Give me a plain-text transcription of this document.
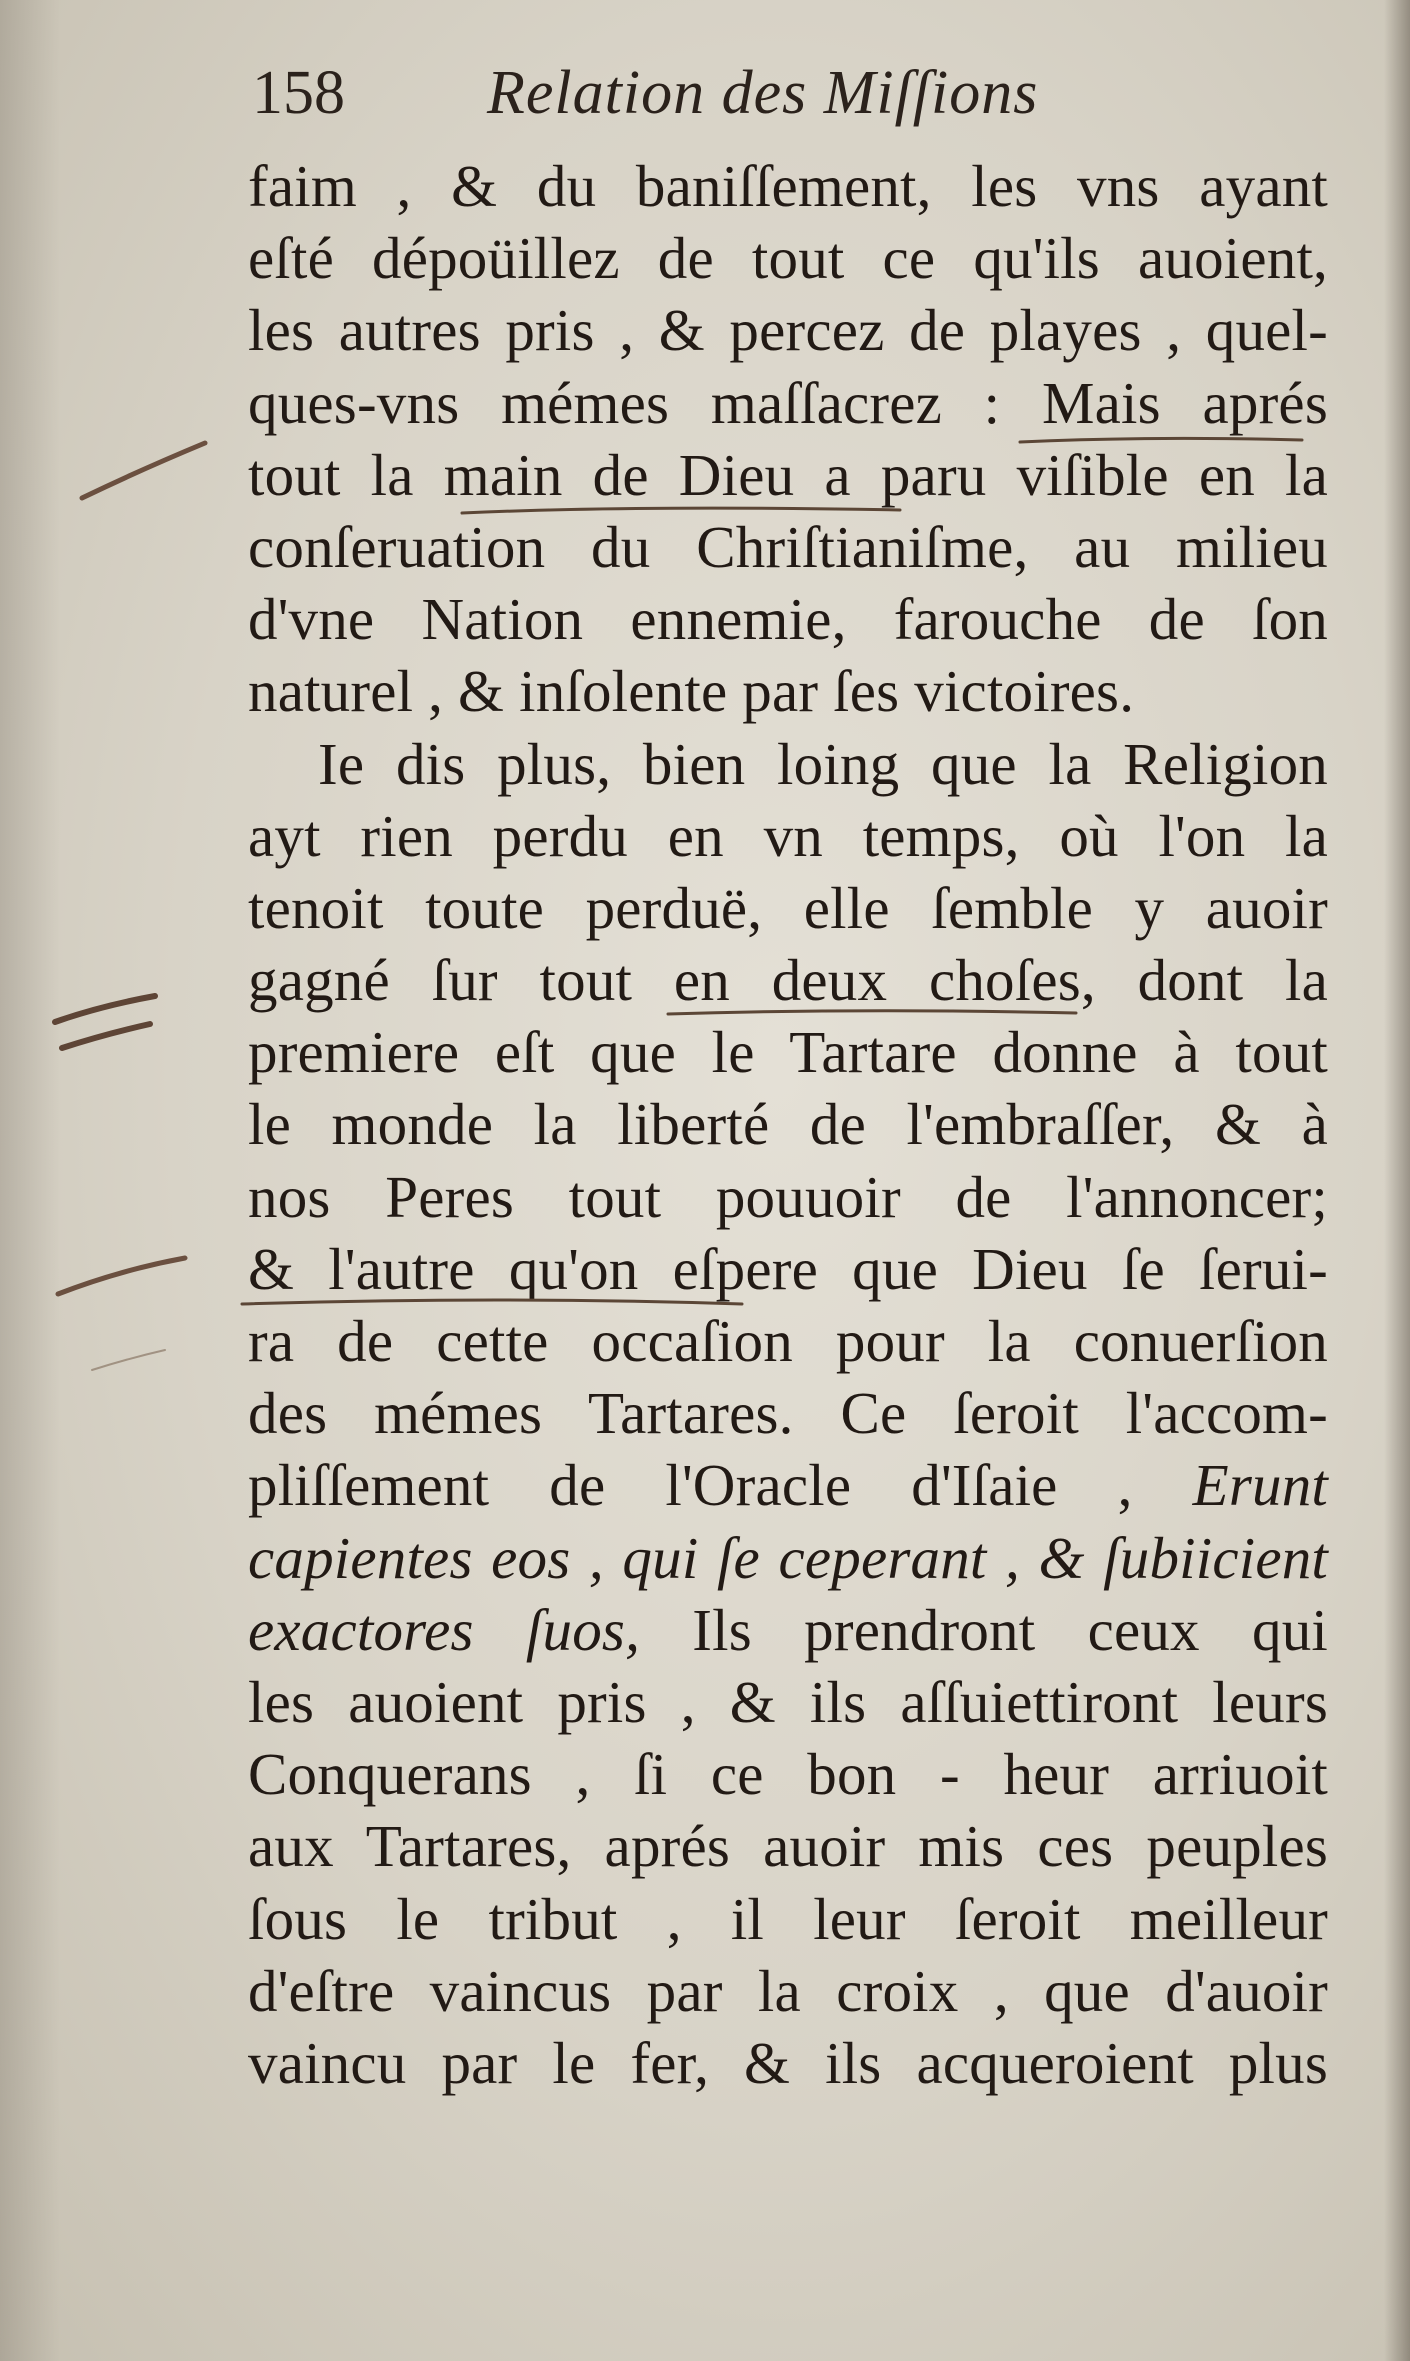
158 Relation des Miſſions
faim , & du baniſſement, les vns ayant
eſté dépoüillez de tout ce qu'ils auoient,
les autres pris , & percez de playes , quel-
ques-vns mémes maſſacrez : Mais aprés
tout la main de Dieu a paru viſible en la
conſeruation du Chriſtianiſme, au milieu
d'vne Nation ennemie, farouche de ſon
naturel , & inſolente par ſes victoires.
Ie dis plus, bien loing que la Religion
ayt rien perdu en vn temps, où l'on la
tenoit toute perduë, elle ſemble y auoir
gagné ſur tout en deux choſes, dont la
premiere eſt que le Tartare donne à tout
le monde la liberté de l'embraſſer, & à
nos Peres tout pouuoir de l'annoncer;
& l'autre qu'on eſpere que Dieu ſe ſerui-
ra de cette occaſion pour la conuerſion
des mémes Tartares. Ce ſeroit l'accom-
pliſſement de l'Oracle d'Iſaie , Erunt
capientes eos , qui ſe ceperant , & ſubiicient
exactores ſuos, Ils prendront ceux qui
les auoient pris , & ils aſſuiettiront leurs
Conquerans , ſi ce bon - heur arriuoit
aux Tartares, aprés auoir mis ces peuples
ſous le tribut , il leur ſeroit meilleur
d'eſtre vaincus par la croix , que d'auoir
vaincu par le fer, & ils acqueroient plus
